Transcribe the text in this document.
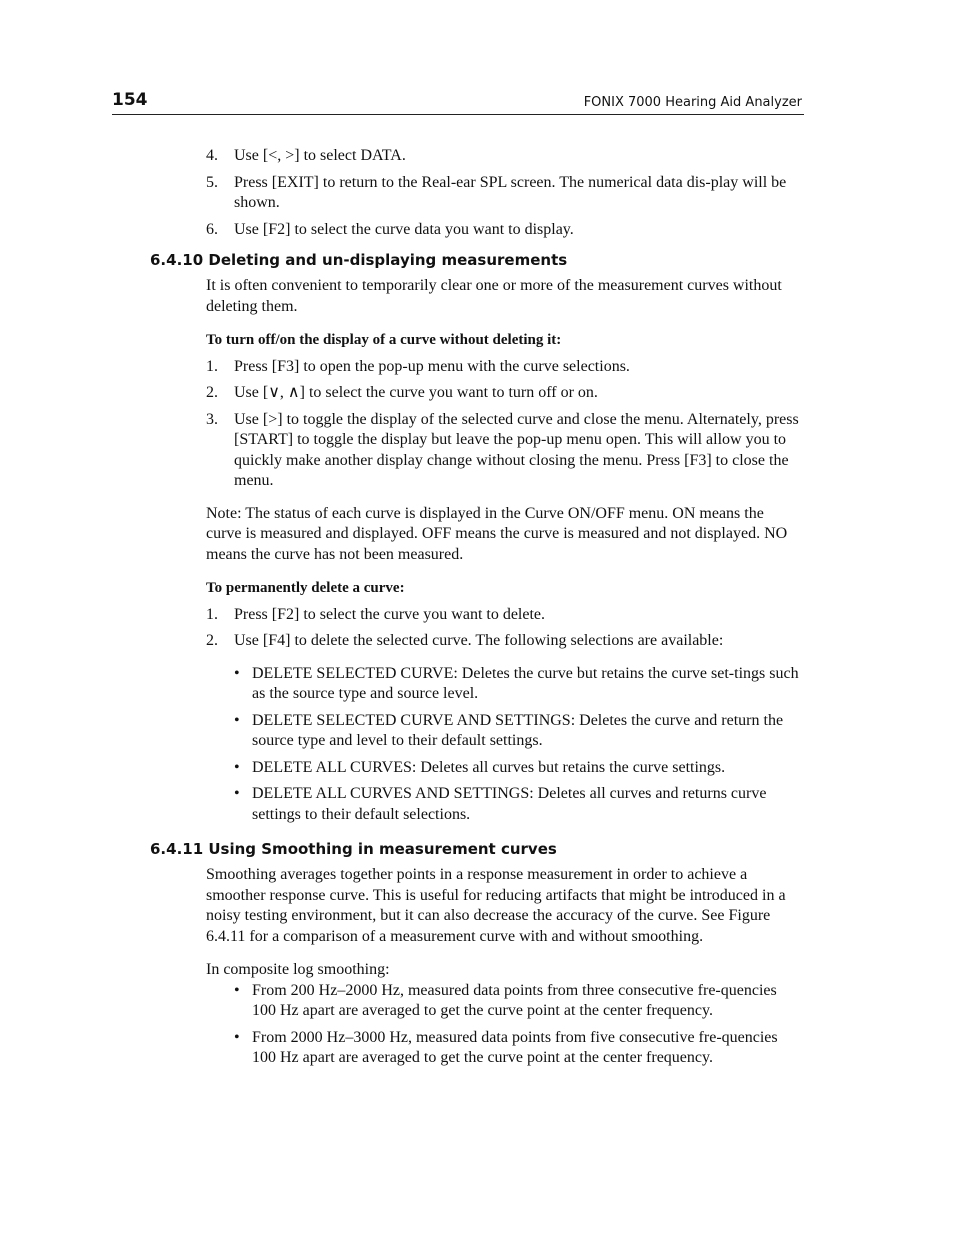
154	FONIX 7000 Hearing Aid Analyzer
4. Use [<, >] to select DATA.
5. Press [EXIT] to return to the Real-ear SPL screen. The numerical data dis-play will be shown.
6. Use [F2] to select the curve data you want to display.
6.4.10 Deleting and un-displaying measurements

It is often convenient to temporarily clear one or more of the measurement curves without deleting them.

To turn off/on the display of a curve without deleting it:

1. Press [F3] to open the pop-up menu with the curve selections.
2. Use [∨, ∧] to select the curve you want to turn off or on.
3. Use [>] to toggle the display of the selected curve and close the menu. Alternately, press [START] to toggle the display but leave the pop-up menu open. This will allow you to quickly make another display change without closing the menu. Press [F3] to close the menu.

Note: The status of each curve is displayed in the Curve ON/OFF menu. ON means the curve is measured and displayed. OFF means the curve is measured and not displayed. NO means the curve has not been measured.

To permanently delete a curve:

1. Press [F2] to select the curve you want to delete.
2. Use [F4] to delete the selected curve. The following selections are available:
• DELETE SELECTED CURVE: Deletes the curve but retains the curve set-tings such as the source type and source level.
• DELETE SELECTED CURVE AND SETTINGS: Deletes the curve and return the source type and level to their default settings.
• DELETE ALL CURVES: Deletes all curves but retains the curve settings.
• DELETE ALL CURVES AND SETTINGS: Deletes all curves and returns curve settings to their default selections.
6.4.11 Using Smoothing in measurement curves

Smoothing averages together points in a response measurement in order to achieve a smoother response curve. This is useful for reducing artifacts that might be introduced in a noisy testing environment, but it can also decrease the accuracy of the curve. See Figure 6.4.11 for a comparison of a measurement curve with and without smoothing.

In composite log smoothing:

• From 200 Hz–2000 Hz, measured data points from three consecutive fre-quencies 100 Hz apart are averaged to get the curve point at the center frequency.
• From 2000 Hz–3000 Hz, measured data points from five consecutive fre-quencies 100 Hz apart are averaged to get the curve point at the center frequency.
